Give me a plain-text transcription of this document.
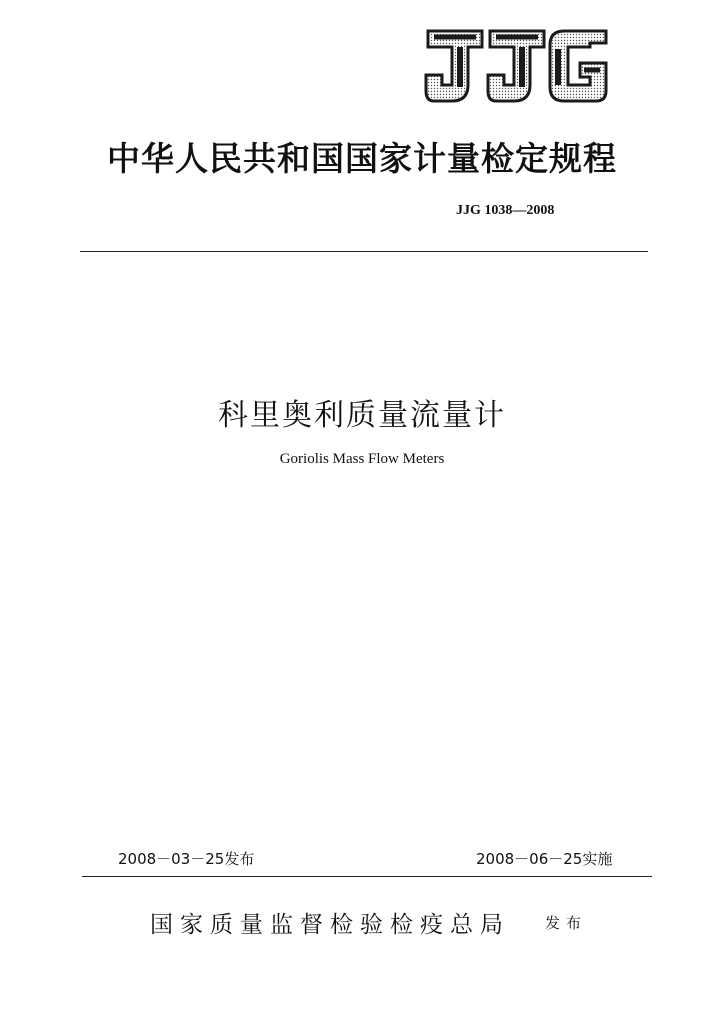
中华人民共和国国家计量检定规程
JJG 1038—2008
科里奥利质量流量计
Goriolis Mass Flow Meters
2008－03－25发布	2008－06－25实施
国家质量监督检验检疫总局 发布
